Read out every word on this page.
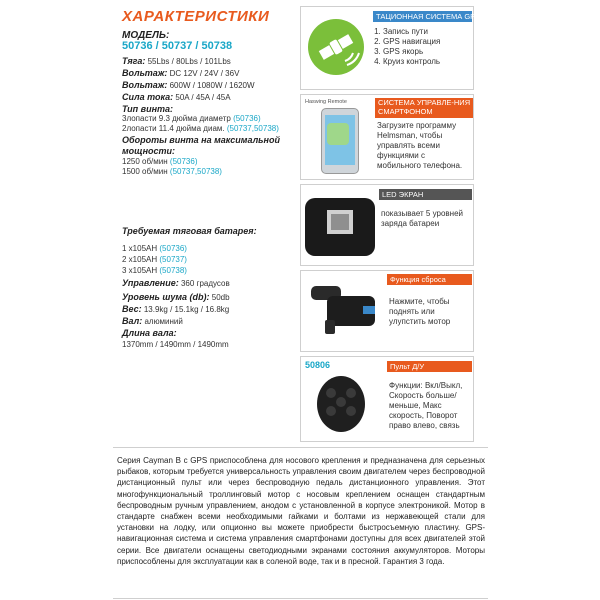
ХАРАКТЕРИСТИКИ
МОДЕЛЬ:
50736 / 50737 / 50738
Тяга: 55Lbs / 80Lbs / 101Lbs
Вольтаж: DC 12V / 24V / 36V
Вольтаж: 600W / 1080W / 1620W
Сила тока: 50A / 45A / 45A
Тип винта:
3лопасти 9.3 дюйма диаметр (50736)
2лопасти 11.4 дюйма диам. (50737,50738)
Обороты винта на максимальной мощности:
1250 об/мин (50736)
1500 об/мин (50737,50738)
Требуемая тяговая батарея:
1 x105AH (50736)
2 x105AH (50737)
3 x105AH (50738)
Управление: 360 градусов
Уровень шума (db): 50db
Вес: 13.9kg / 15.1kg / 16.8kg
Вал: алюминий
Длина вала:
1370mm / 1490mm / 1490mm
ТАЦИОННАЯ СИСТЕМА GPS SMART
1. Запись пути
2. GPS навигация
3. GPS якорь
4. Круиз контроль
Haswing Remote	СИСТЕМА УПРАВЛЕ-НИЯ СМАРТФОНОМ
Загрузите программу Helmsman, чтобы управлять всеми функциями с мобильного телефона.
LED ЭКРАН
показывает 5 уровней заряда батареи
Функция сброса
Нажмите, чтобы поднять или улупстить мотор
50806	Пульт Д/У
Функции: Вкл/Выкл, Скорость больше/меньше, Макс скорость, Поворот право влево, связь
Серия Cayman B с GPS приспособлена для носового крепления и предназначена для серьезных рыбаков, которым требуется универсальность управления своим двигателем через беспроводной дистанционный пульт или через беспроводную педаль дистанционного управления. Этот многофункциональный троллинговый мотор с носовым креплением оснащен стандартным беспроводным ручным управлением, анодом с установленной в корпусе электроникой. Мотор в стандарте снабжен всеми необходимыми гайками и болтами из нержавеющей стали для установки на лодку, или опционно вы можете приобрести быстросъемную пластину. GPS-навигационная система и система управления смартфонами доступны для всех двигателей этой серии. Все двигатели оснащены светодиодными экранами состояния аккумуляторов. Моторы приспособлены для эксплуатации как в соленой воде, так и в пресной. Гарантия 3 года.
